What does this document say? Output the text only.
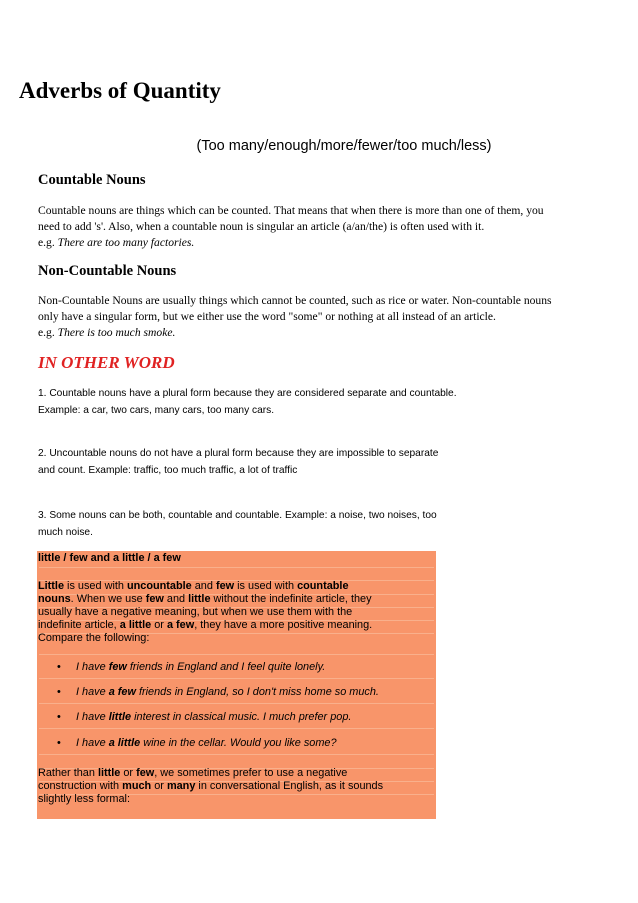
Adverbs of Quantity
(Too many/enough/more/fewer/too much/less)
Countable Nouns
Countable nouns are things which can be counted. That means that when there is more than one of them, you
need to add 's'. Also, when a countable noun is singular an article (a/an/the) is often used with it.
e.g. There are too many factories.
Non-Countable Nouns
Non-Countable Nouns are usually things which cannot be counted, such as rice or water. Non-countable nouns
only have a singular form, but we either use the word "some" or nothing at all instead of an article.
e.g. There is too much smoke.
IN OTHER WORD
1. Countable nouns have a plural form because they are considered separate and countable.
Example: a car, two cars, many cars, too many cars.
2. Uncountable nouns do not have a plural form because they are impossible to separate
and count. Example: traffic, too much traffic, a lot of traffic
3. Some nouns can be both, countable and countable. Example: a noise, two noises, too
much noise.
little / few and a little / a few
Little is used with uncountable and few is used with countable
nouns. When we use few and little without the indefinite article, they
usually have a negative meaning, but when we use them with the
indefinite article, a little or a few, they have a more positive meaning.
Compare the following:
• I have few friends in England and I feel quite lonely.
• I have a few friends in England, so I don't miss home so much.
• I have little interest in classical music. I much prefer pop.
• I have a little wine in the cellar. Would you like some?
Rather than little or few, we sometimes prefer to use a negative
construction with much or many in conversational English, as it sounds
slightly less formal:
